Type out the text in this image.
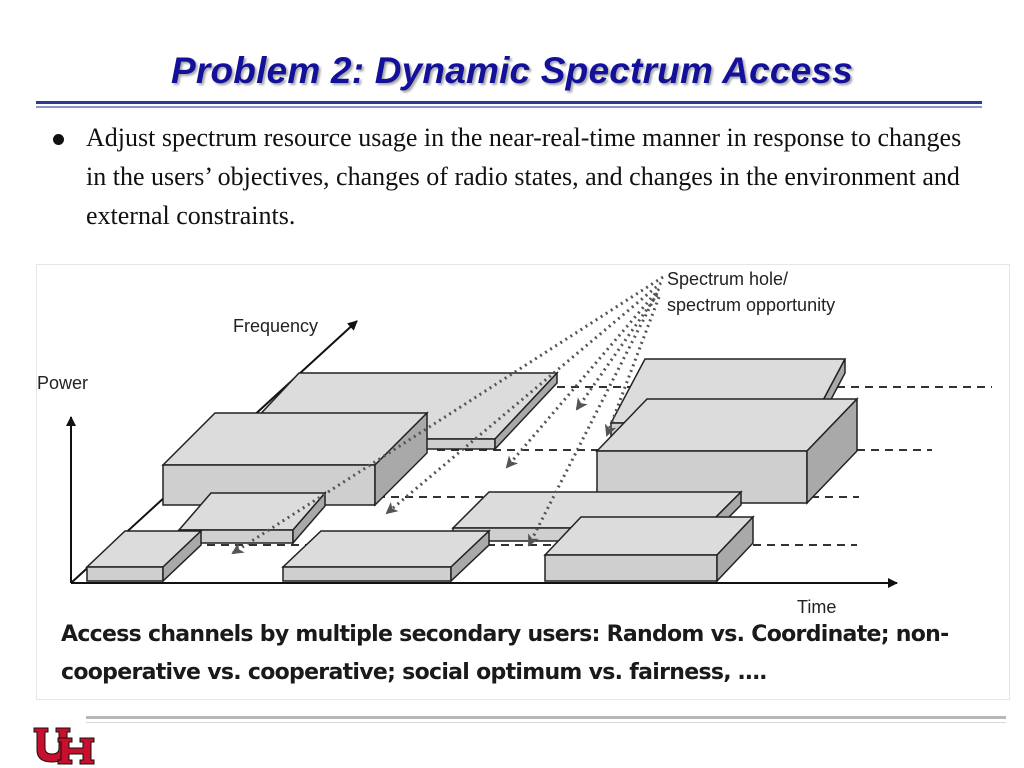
Problem 2: Dynamic Spectrum Access

Adjust spectrum resource usage in the near-real-time manner in response to changes in the users’ objectives, changes of radio states, and changes in the environment and external constraints.

Power
Frequency
Time
Spectrum hole/
spectrum opportunity

Access channels by multiple secondary users: Random vs. Coordinate; non-cooperative vs. cooperative; social optimum vs. fairness, ….
